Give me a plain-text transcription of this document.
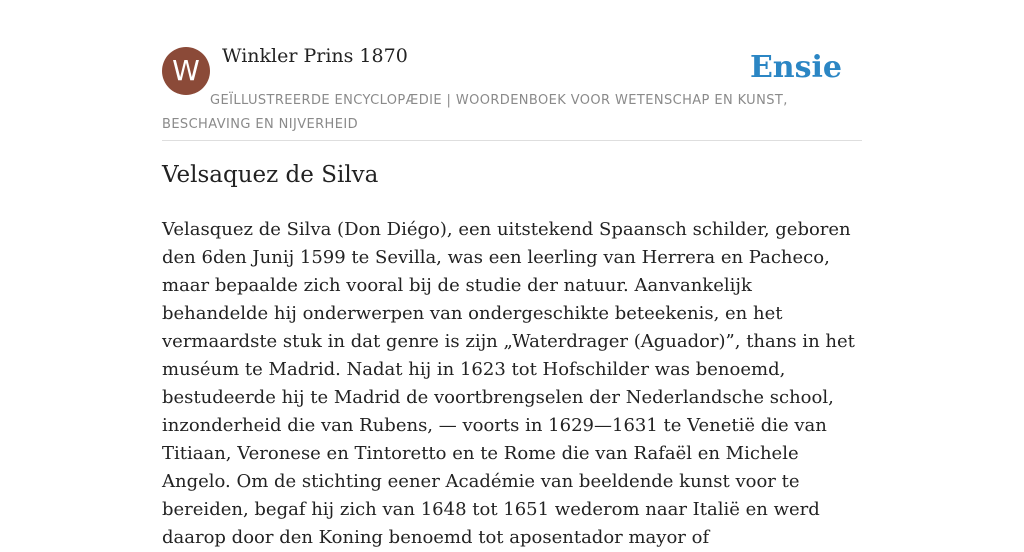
W	Winkler Prins 1870
GEÏLLUSTREERDE ENCYCLOPÆDIE | WOORDENBOEK VOOR WETENSCHAP EN KUNST, BESCHAVING EN NIJVERHEID
Ensie
Velsaquez de Silva

Velasquez de Silva (Don Diégo), een uitstekend Spaansch schilder, geboren den 6den Junij 1599 te Sevilla, was een leerling van Herrera en Pacheco, maar bepaalde zich vooral bij de studie der natuur. Aanvankelijk behandelde hij onderwerpen van ondergeschikte beteekenis, en het vermaardste stuk in dat genre is zijn „Waterdrager (Aguador)”, thans in het muséum te Madrid. Nadat hij in 1623 tot Hofschilder was benoemd, bestudeerde hij te Madrid de voortbrengselen der Nederlandsche school, inzonderheid die van Rubens, — voorts in 1629—1631 te Venetië die van Titiaan, Veronese en Tintoretto en te Rome die van Rafaël en Michele Angelo. Om de stichting eener Académie van beeldende kunst voor te bereiden, begaf hij zich van 1648 tot 1651 wederom naar Italië en werd daarop door den Koning benoemd tot aposentador mayor of
